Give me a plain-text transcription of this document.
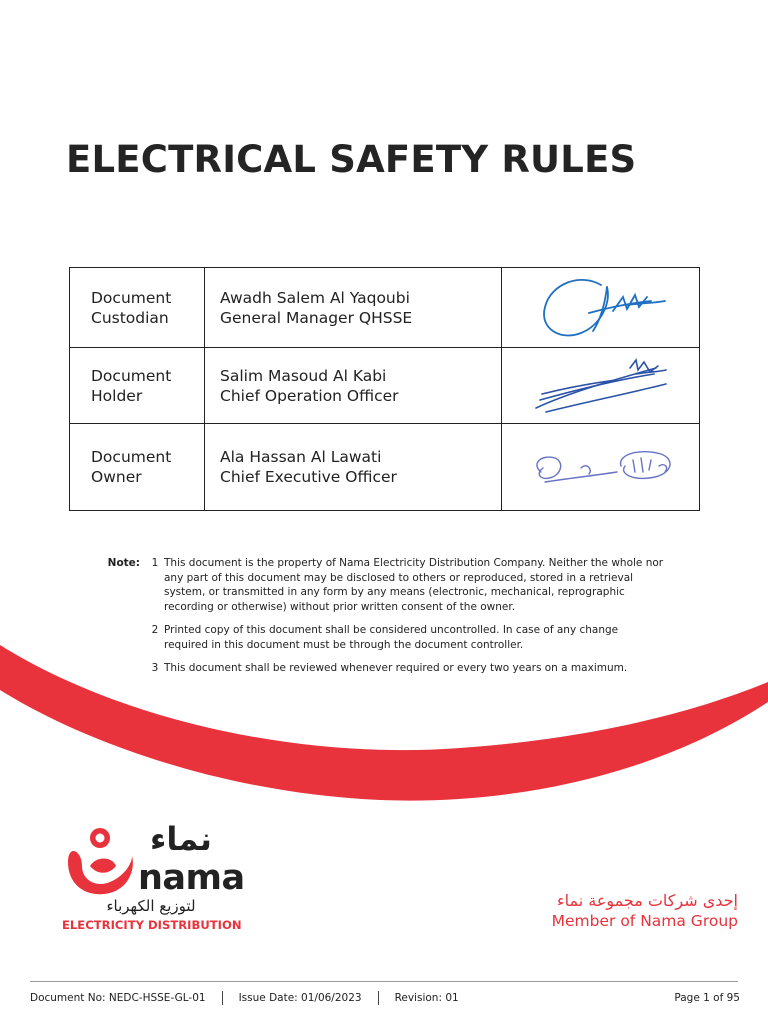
ELECTRICAL SAFETY RULES
Document
Custodian	Awadh Salem Al Yaqoubi
General Manager QHSSE

Document
Holder	Salim Masoud Al Kabi
Chief Operation Officer

Document
Owner	Ala Hassan Al Lawati
Chief Executive Officer

Note:	1 This document is the property of Nama Electricity Distribution Company. Neither the whole nor any part of this document may be disclosed to others or reproduced, stored in a retrieval system, or transmitted in any form by any means (electronic, mechanical, reprographic recording or otherwise) without prior written consent of the owner.
2 Printed copy of this document shall be considered uncontrolled. In case of any change required in this document must be through the document controller.
3 This document shall be reviewed whenever required or every two years on a maximum.
نماء
nama
لتوزيع الكهرباء
ELECTRICITY DISTRIBUTION
إحدى شركات مجموعة نماء
Member of Nama Group
Document No: NEDC-HSSE-GL-01	Issue Date: 01/06/2023	Revision: 01	Page 1 of 95
